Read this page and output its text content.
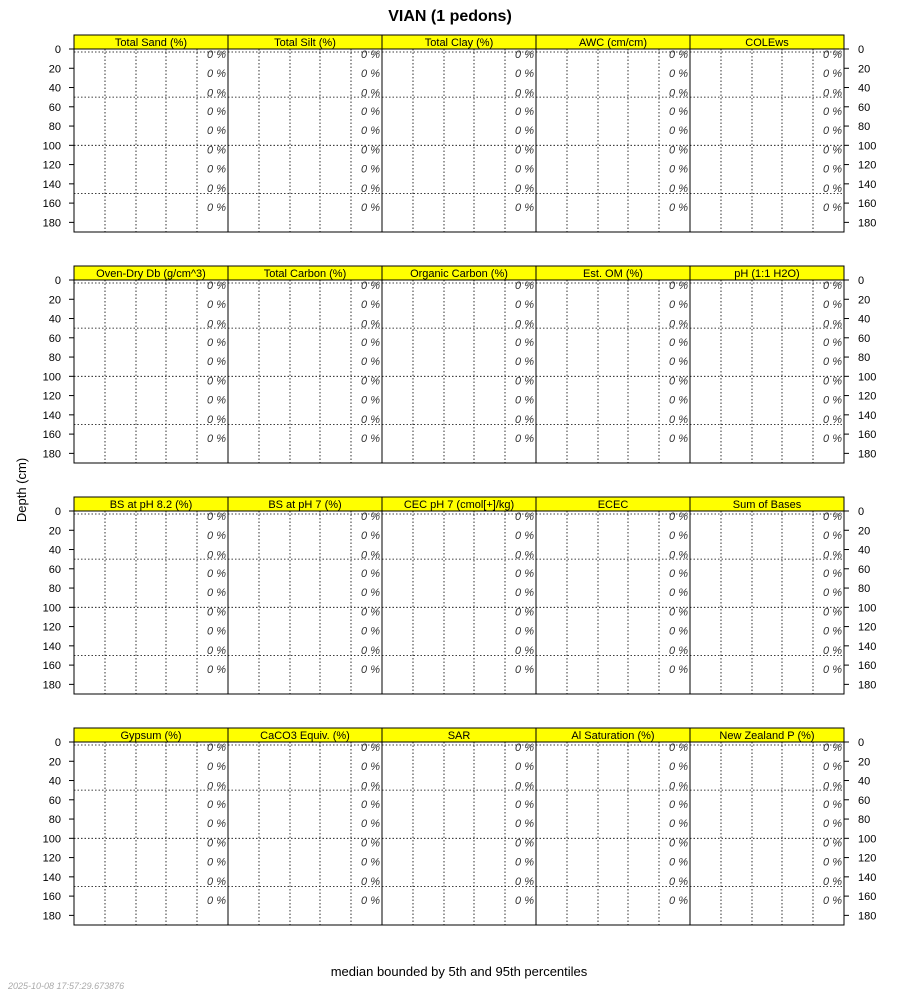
VIAN (1 pedons)
Depth (cm)
median bounded by 5th and 95th percentiles
2025-10-08 17:57:29.673876
Total Sand (%)
0 %
0 %
0 %
0 %
0 %
0 %
0 %
0 %
0 %
Total Silt (%)
0 %
0 %
0 %
0 %
0 %
0 %
0 %
0 %
0 %
Total Clay (%)
0 %
0 %
0 %
0 %
0 %
0 %
0 %
0 %
0 %
AWC (cm/cm)
0 %
0 %
0 %
0 %
0 %
0 %
0 %
0 %
0 %
COLEws
0 %
0 %
0 %
0 %
0 %
0 %
0 %
0 %
0 %
0	0
20	20
40	40
60	60
80	80
100	100
120	120
140	140
160	160
180	180
Oven-Dry Db (g/cm^3)
0 %
0 %
0 %
0 %
0 %
0 %
0 %
0 %
0 %
Total Carbon (%)
0 %
0 %
0 %
0 %
0 %
0 %
0 %
0 %
0 %
Organic Carbon (%)
0 %
0 %
0 %
0 %
0 %
0 %
0 %
0 %
0 %
Est. OM (%)
0 %
0 %
0 %
0 %
0 %
0 %
0 %
0 %
0 %
pH (1:1 H2O)
0 %
0 %
0 %
0 %
0 %
0 %
0 %
0 %
0 %
0	0
20	20
40	40
60	60
80	80
100	100
120	120
140	140
160	160
180	180
BS at pH 8.2 (%)
0 %
0 %
0 %
0 %
0 %
0 %
0 %
0 %
0 %
BS at pH 7 (%)
0 %
0 %
0 %
0 %
0 %
0 %
0 %
0 %
0 %
CEC pH 7 (cmol[+]/kg)
0 %
0 %
0 %
0 %
0 %
0 %
0 %
0 %
0 %
ECEC
0 %
0 %
0 %
0 %
0 %
0 %
0 %
0 %
0 %
Sum of Bases
0 %
0 %
0 %
0 %
0 %
0 %
0 %
0 %
0 %
0	0
20	20
40	40
60	60
80	80
100	100
120	120
140	140
160	160
180	180
Gypsum (%)
0 %
0 %
0 %
0 %
0 %
0 %
0 %
0 %
0 %
CaCO3 Equiv. (%)
0 %
0 %
0 %
0 %
0 %
0 %
0 %
0 %
0 %
SAR
0 %
0 %
0 %
0 %
0 %
0 %
0 %
0 %
0 %
Al Saturation (%)
0 %
0 %
0 %
0 %
0 %
0 %
0 %
0 %
0 %
New Zealand P (%)
0 %
0 %
0 %
0 %
0 %
0 %
0 %
0 %
0 %
0	0
20	20
40	40
60	60
80	80
100	100
120	120
140	140
160	160
180	180
